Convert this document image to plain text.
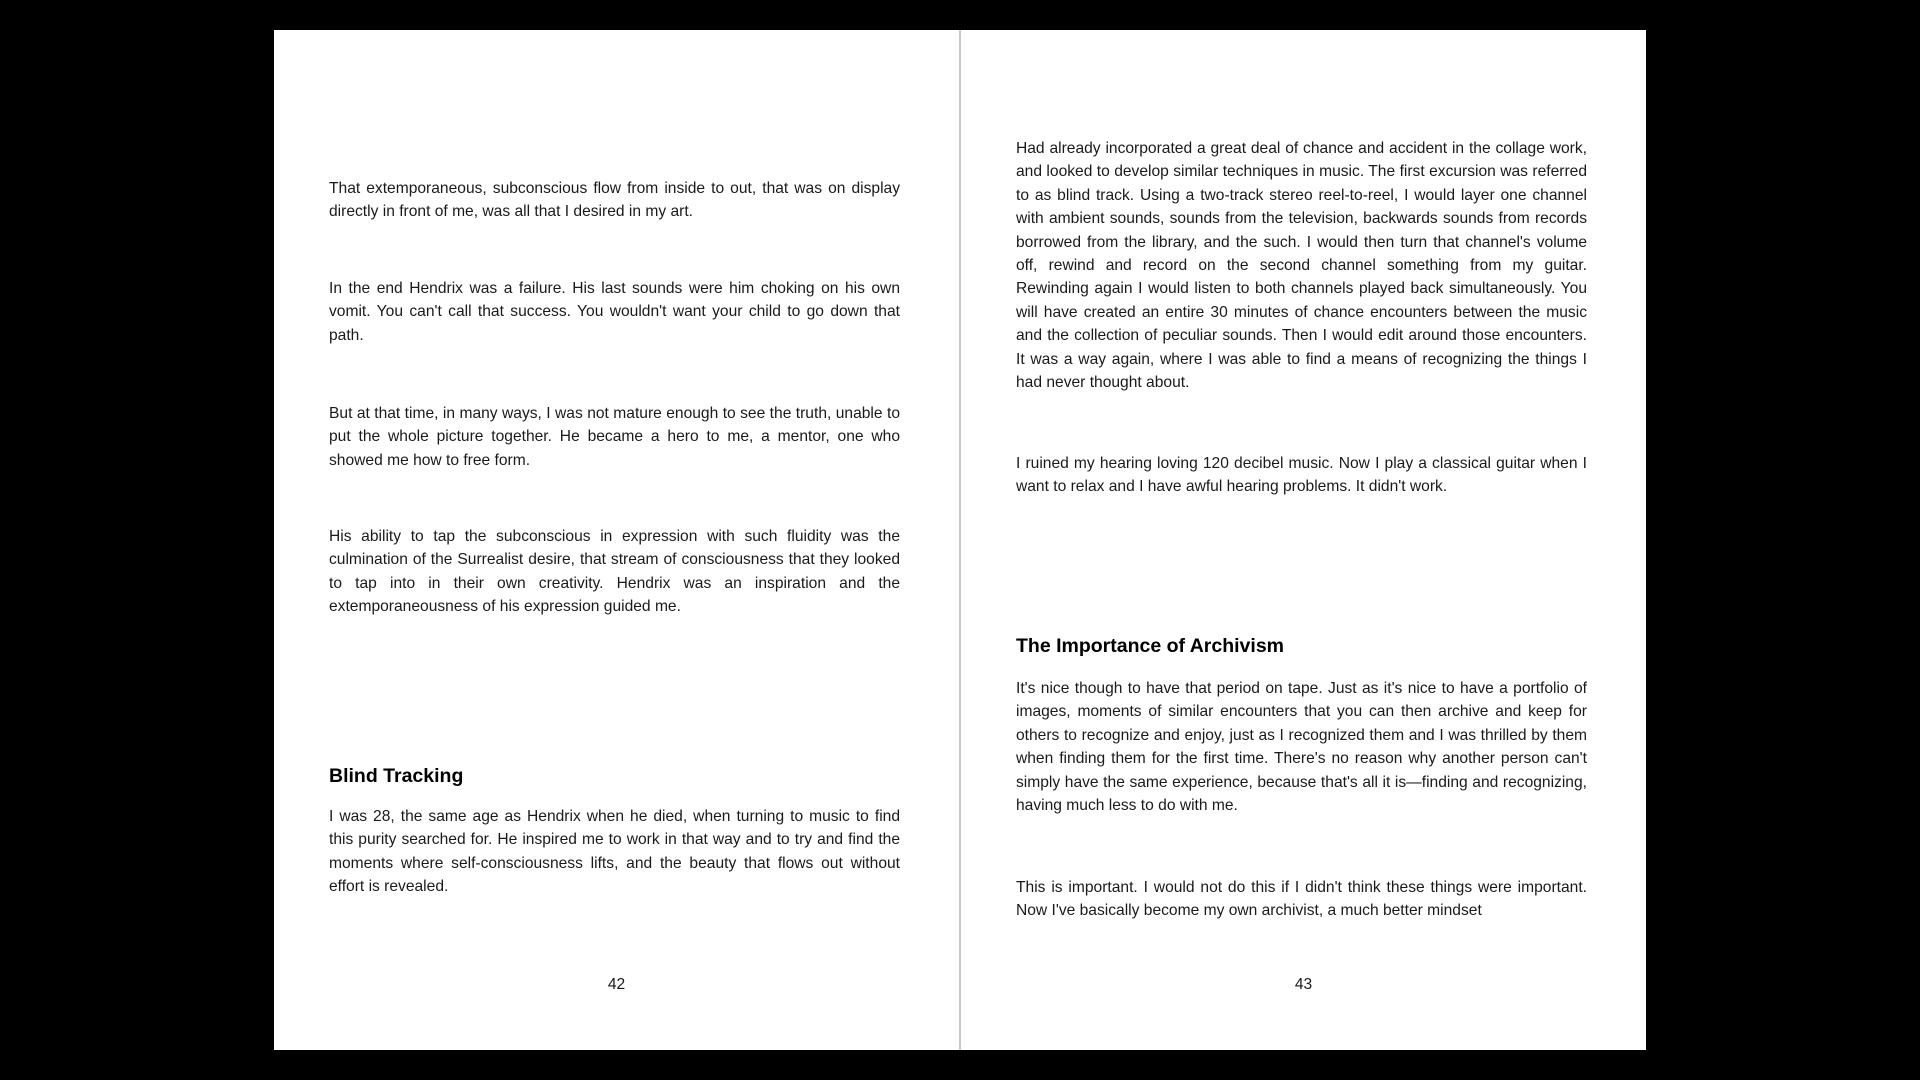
That extemporaneous, subconscious flow from inside to out, that was on display directly in front of me, was all that I desired in my art.

In the end Hendrix was a failure. His last sounds were him choking on his own vomit. You can't call that success. You wouldn't want your child to go down that path.

But at that time, in many ways, I was not mature enough to see the truth, unable to put the whole picture together. He became a hero to me, a mentor, one who showed me how to free form.

His ability to tap the subconscious in expression with such fluidity was the culmination of the Surrealist desire, that stream of consciousness that they looked to tap into in their own creativity. Hendrix was an inspiration and the extemporaneousness of his expression guided me.

Blind Tracking

I was 28, the same age as Hendrix when he died, when turning to music to find this purity searched for. He inspired me to work in that way and to try and find the moments where self-consciousness lifts, and the beauty that flows out without effort is revealed.

42

Had already incorporated a great deal of chance and accident in the collage work, and looked to develop similar techniques in music. The first excursion was referred to as blind track. Using a two-track stereo reel-to-reel, I would layer one channel with ambient sounds, sounds from the television, backwards sounds from records borrowed from the library, and the such. I would then turn that channel's volume off, rewind and record on the second channel something from my guitar. Rewinding again I would listen to both channels played back simultaneously. You will have created an entire 30 minutes of chance encounters between the music and the collection of peculiar sounds. Then I would edit around those encounters. It was a way again, where I was able to find a means of recognizing the things I had never thought about.

I ruined my hearing loving 120 decibel music. Now I play a classical guitar when I want to relax and I have awful hearing problems. It didn't work.

The Importance of Archivism

It's nice though to have that period on tape. Just as it's nice to have a portfolio of images, moments of similar encounters that you can then archive and keep for others to recognize and enjoy, just as I recognized them and I was thrilled by them when finding them for the first time. There's no reason why another person can't simply have the same experience, because that's all it is—finding and recognizing, having much less to do with me.

This is important. I would not do this if I didn't think these things were important. Now I've basically become my own archivist, a much better mindset

43
